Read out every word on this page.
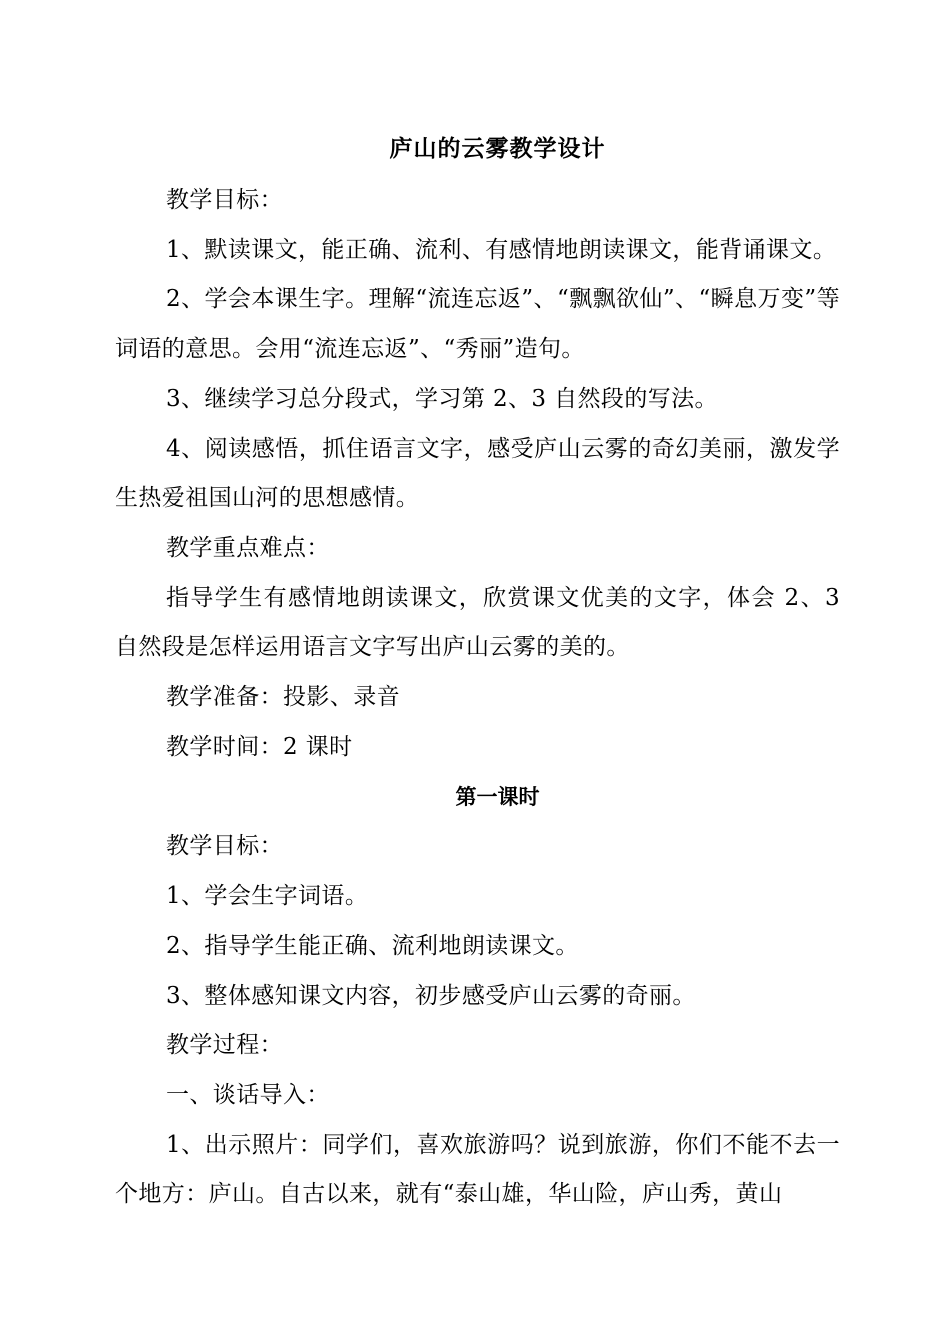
庐山的云雾教学设计

教学目标：

1、默读课文，能正确、流利、有感情地朗读课文，能背诵课文。

2、学会本课生字。理解“流连忘返”、“飘飘欲仙”、“瞬息万变”等词语的意思。会用“流连忘返”、“秀丽”造句。

3、继续学习总分段式，学习第 2、3 自然段的写法。

4、阅读感悟，抓住语言文字，感受庐山云雾的奇幻美丽，激发学生热爱祖国山河的思想感情。

教学重点难点：

指导学生有感情地朗读课文，欣赏课文优美的文字，体会 2、3 自然段是怎样运用语言文字写出庐山云雾的美的。

教学准备：投影、录音

教学时间：2 课时

第一课时

教学目标：

1、学会生字词语。

2、指导学生能正确、流利地朗读课文。

3、整体感知课文内容，初步感受庐山云雾的奇丽。

教学过程：

一、谈话导入：

1、出示照片：同学们，喜欢旅游吗？说到旅游，你们不能不去一个地方：庐山。自古以来，就有“泰山雄，华山险，庐山秀，黄山
